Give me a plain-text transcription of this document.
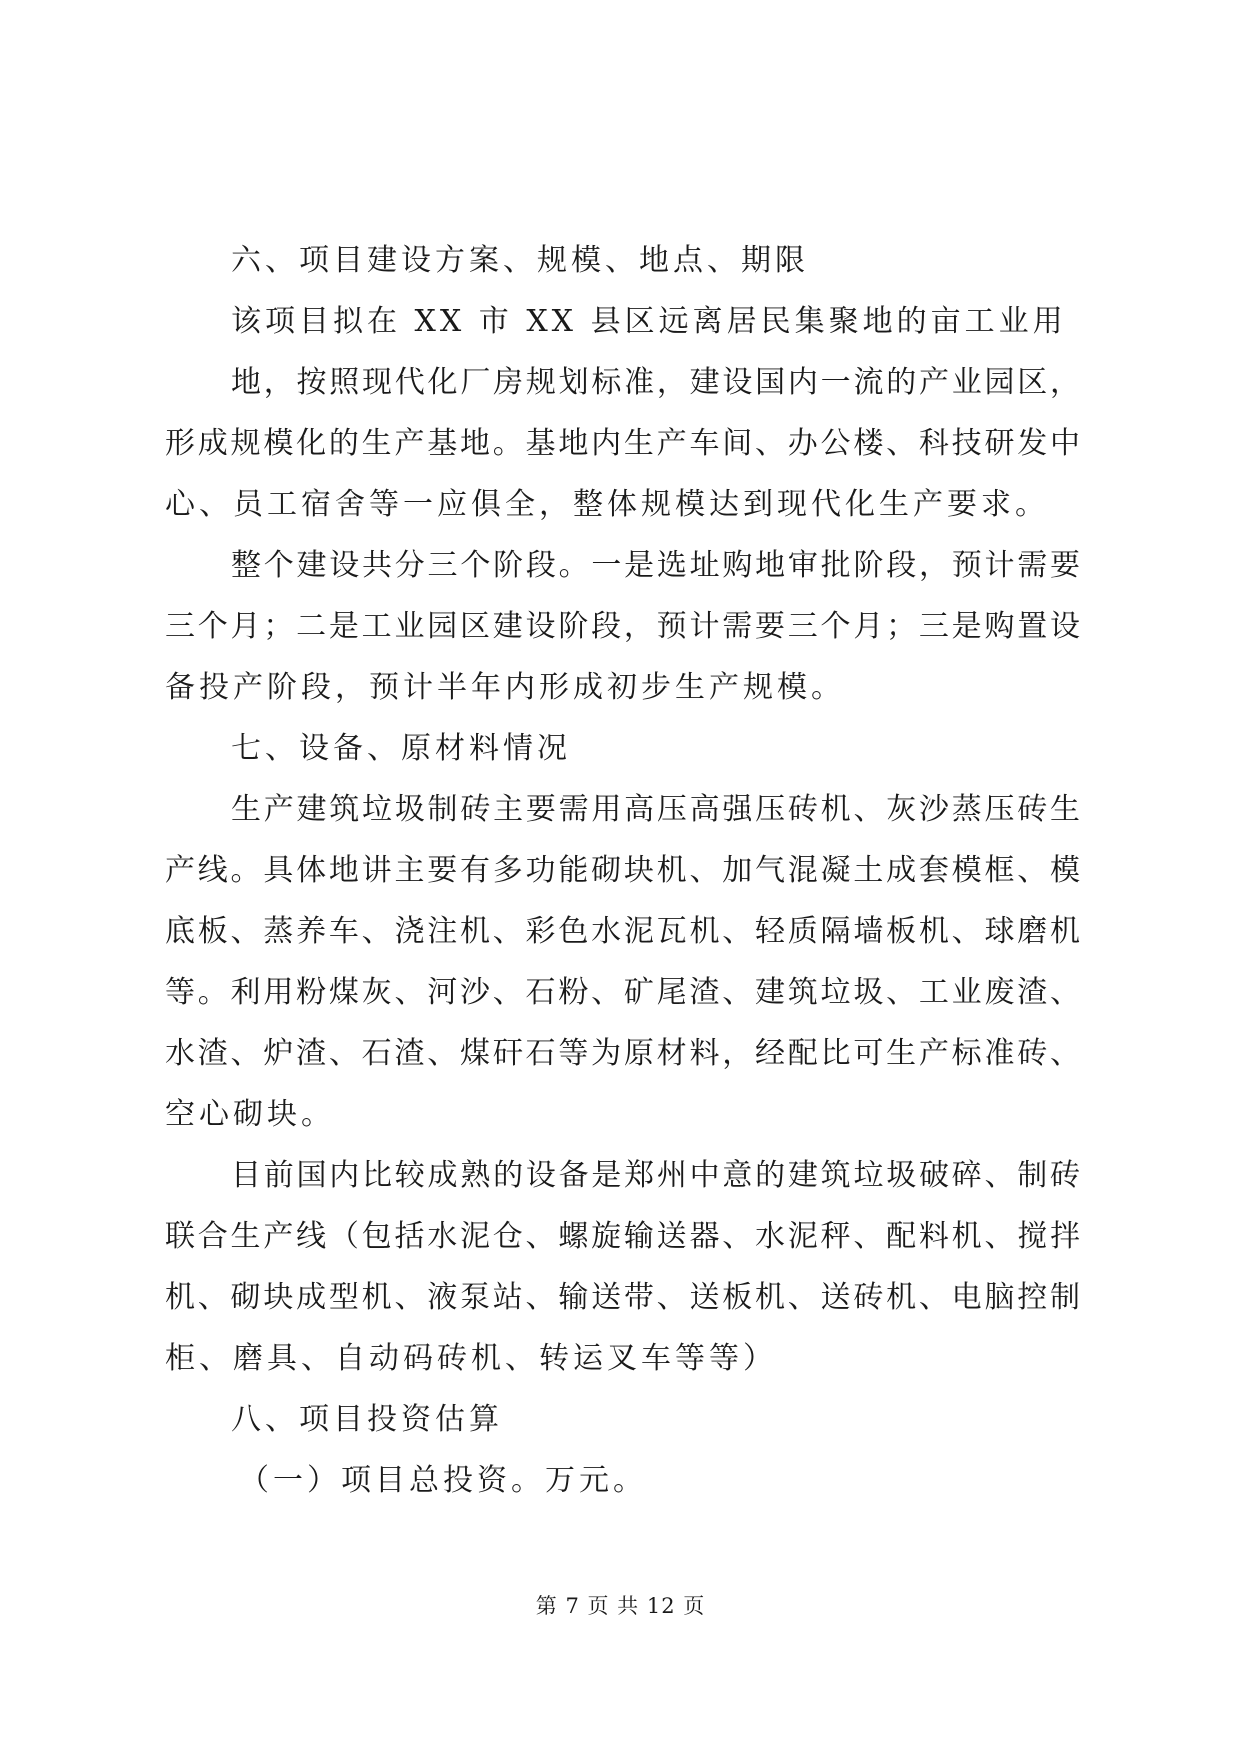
六、项目建设方案、规模、地点、期限
该项目拟在 XX 市 XX 县区远离居民集聚地的亩工业用
地，按照现代化厂房规划标准，建设国内一流的产业园区，
形成规模化的生产基地。基地内生产车间、办公楼、科技研发中
心、员工宿舍等一应俱全，整体规模达到现代化生产要求。
整个建设共分三个阶段。一是选址购地审批阶段，预计需要
三个月；二是工业园区建设阶段，预计需要三个月；三是购置设
备投产阶段，预计半年内形成初步生产规模。
七、设备、原材料情况
生产建筑垃圾制砖主要需用高压高强压砖机、灰沙蒸压砖生
产线。具体地讲主要有多功能砌块机、加气混凝土成套模框、模
底板、蒸养车、浇注机、彩色水泥瓦机、轻质隔墙板机、球磨机
等。利用粉煤灰、河沙、石粉、矿尾渣、建筑垃圾、工业废渣、
水渣、炉渣、石渣、煤矸石等为原材料，经配比可生产标准砖、
空心砌块。
目前国内比较成熟的设备是郑州中意的建筑垃圾破碎、制砖
联合生产线（包括水泥仓、螺旋输送器、水泥秤、配料机、搅拌
机、砌块成型机、液泵站、输送带、送板机、送砖机、电脑控制
柜、磨具、自动码砖机、转运叉车等等）
八、项目投资估算
（一）项目总投资。万元。
第 7 页 共 12 页
